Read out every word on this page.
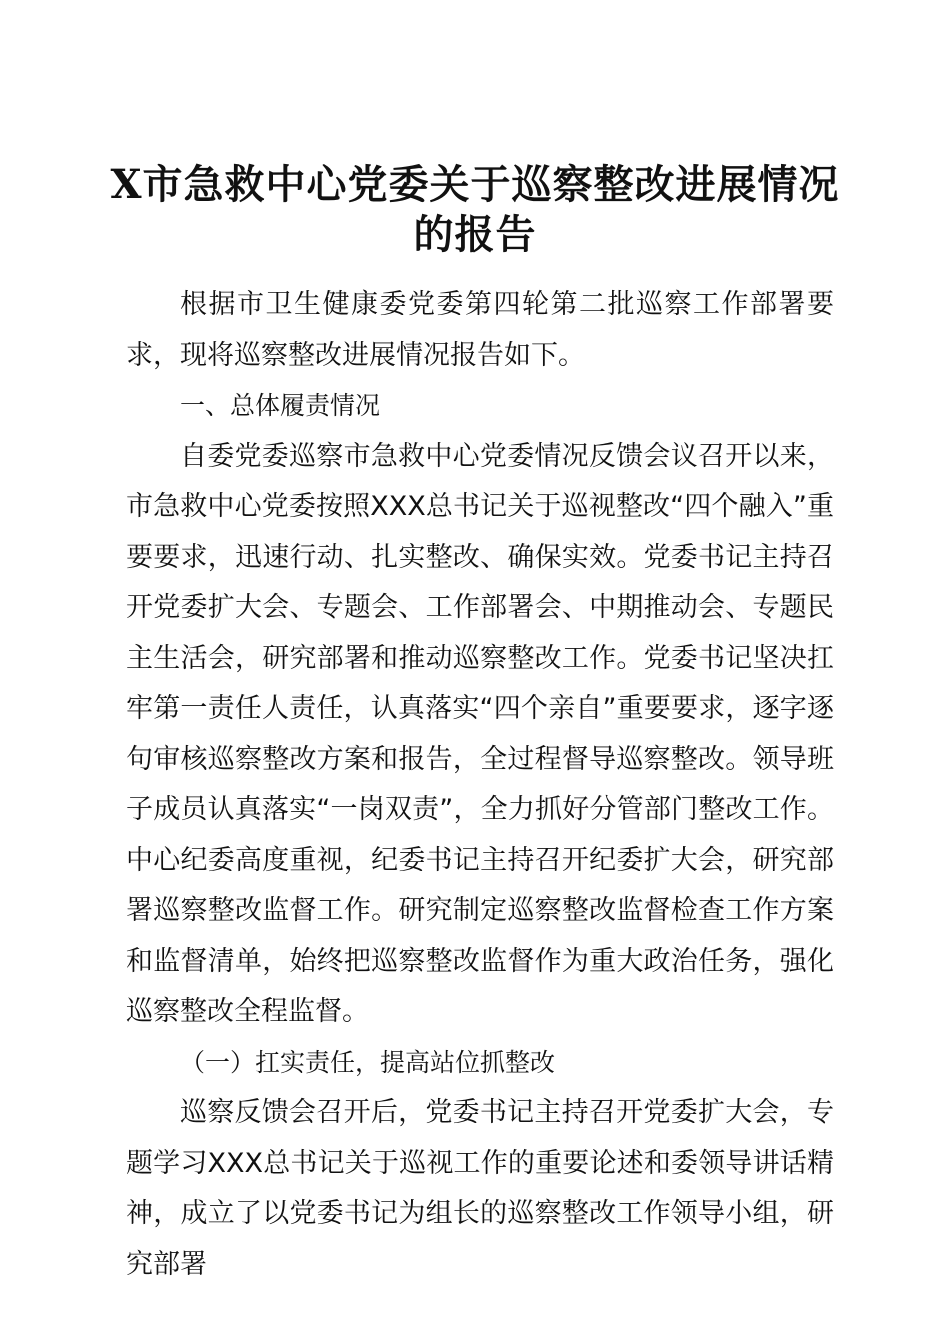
X市急救中心党委关于巡察整改进展情况的报告

根据市卫生健康委党委第四轮第二批巡察工作部署要求，现将巡察整改进展情况报告如下。

一、总体履责情况

自委党委巡察市急救中心党委情况反馈会议召开以来，市急救中心党委按照XXX总书记关于巡视整改“四个融入”重要要求，迅速行动、扎实整改、确保实效。党委书记主持召开党委扩大会、专题会、工作部署会、中期推动会、专题民主生活会，研究部署和推动巡察整改工作。党委书记坚决扛牢第一责任人责任，认真落实“四个亲自”重要要求，逐字逐句审核巡察整改方案和报告，全过程督导巡察整改。领导班子成员认真落实“一岗双责”，全力抓好分管部门整改工作。中心纪委高度重视，纪委书记主持召开纪委扩大会，研究部署巡察整改监督工作。研究制定巡察整改监督检查工作方案和监督清单，始终把巡察整改监督作为重大政治任务，强化巡察整改全程监督。

（一）扛实责任，提高站位抓整改

巡察反馈会召开后，党委书记主持召开党委扩大会，专题学习XXX总书记关于巡视工作的重要论述和委领导讲话精神，成立了以党委书记为组长的巡察整改工作领导小组，研究部署
